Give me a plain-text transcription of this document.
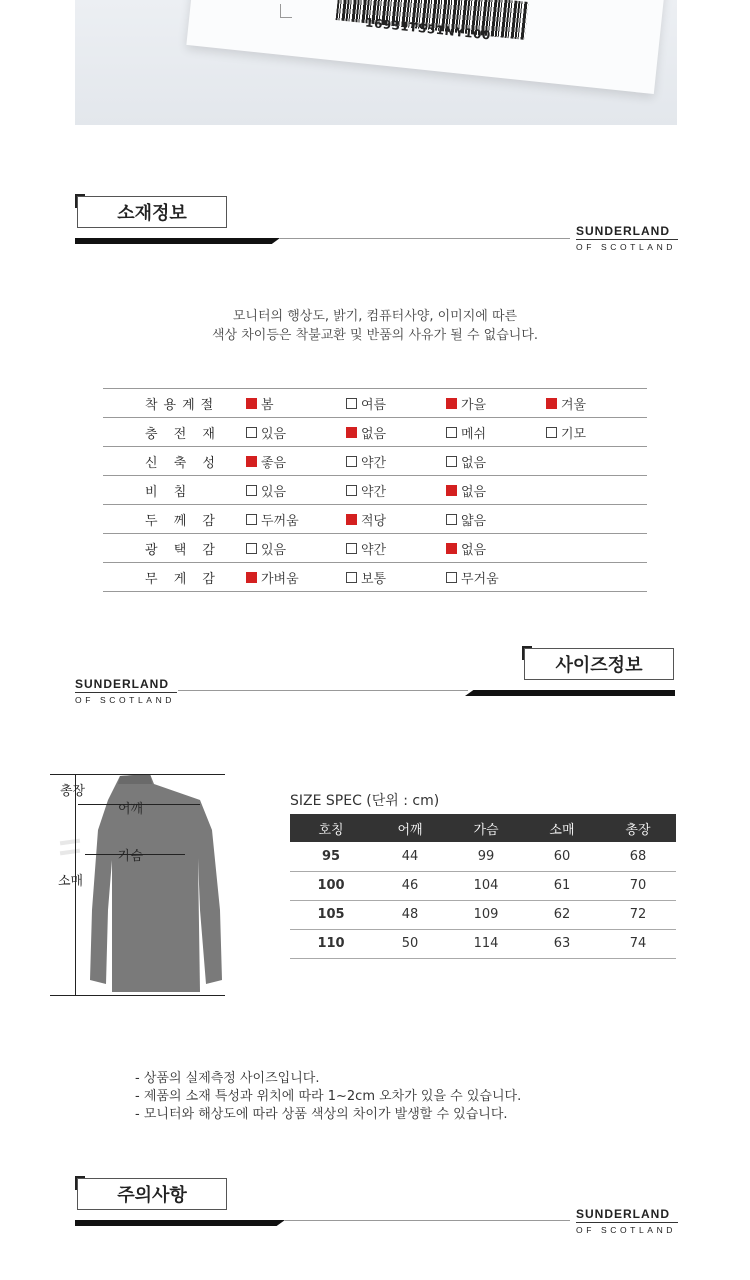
16931TS51NY100
소재정보
SUNDERLAND
OF SCOTLAND
모니터의 행상도, 밝기, 컴퓨터사양, 이미지에 따른
색상 차이등은 착불교환 및 반품의 사유가 될 수 없습니다.
착용계절	봄	여름	가을	겨울
충 전 재	있음	없음	메쉬	기모
신 축 성	좋음	약간	없음
비 침	있음	약간	없음
두 께 감	두꺼움	적당	얇음
광 택 감	있음	약간	없음
무 게 감	가벼움	보통	무거움
사이즈정보
SUNDERLAND
OF SCOTLAND
총장
어깨
가슴
소매
SIZE SPEC (단위 : cm)
호칭	어깨	가슴	소매	총장
95	44	99	60	68
100	46	104	61	70
105	48	109	62	72
110	50	114	63	74
- 상품의 실제측정 사이즈입니다.
- 제품의 소재 특성과 위치에 따라 1~2cm 오차가 있을 수 있습니다.
- 모니터와 해상도에 따라 상품 색상의 차이가 발생할 수 있습니다.
주의사항
SUNDERLAND
OF SCOTLAND
